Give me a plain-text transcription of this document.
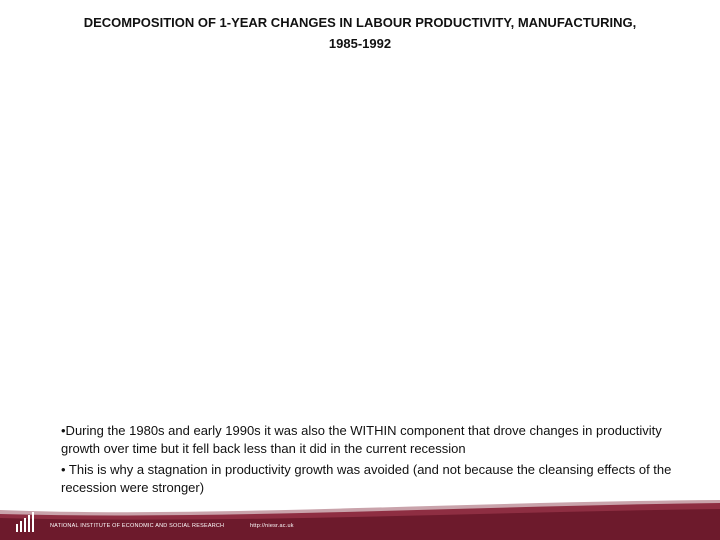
DECOMPOSITION OF 1-YEAR CHANGES IN LABOUR PRODUCTIVITY, MANUFACTURING,
1985-1992

•During the 1980s and early 1990s it was also the WITHIN component that drove changes in productivity growth over time but it fell back less than it did in the current recession

• This is why a stagnation in productivity growth was avoided (and not because the cleansing effects of the recession were stronger)

NATIONAL INSTITUTE OF ECONOMIC AND SOCIAL RESEARCH	http://niesr.ac.uk
